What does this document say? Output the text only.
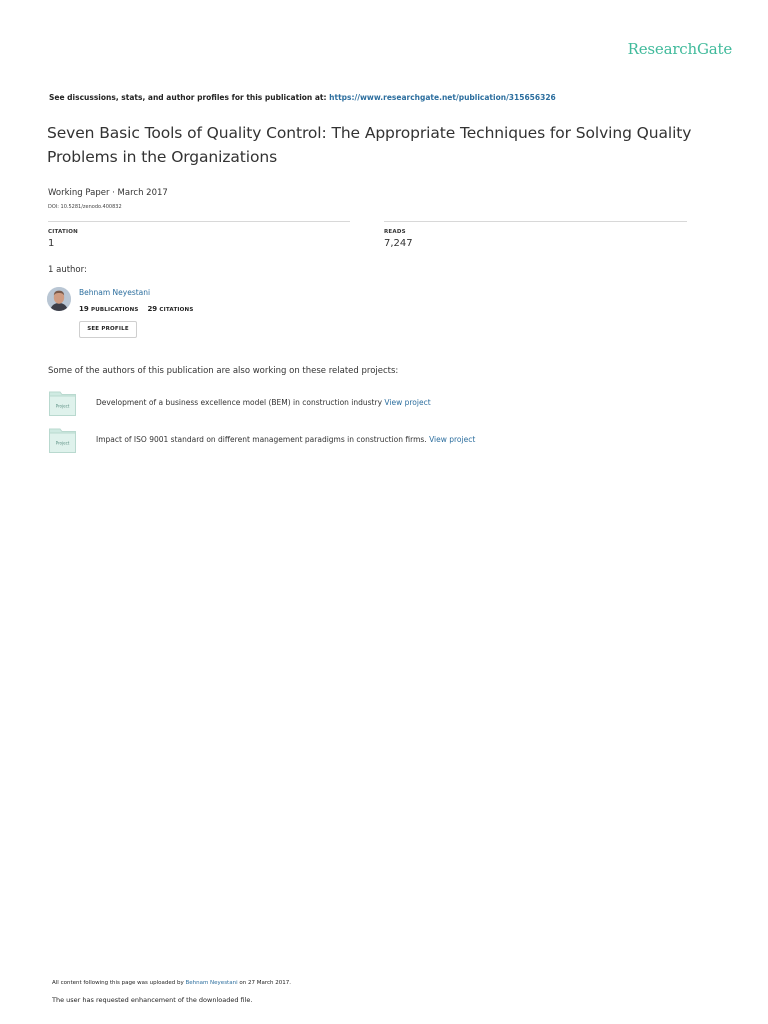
ResearchGate
See discussions, stats, and author profiles for this publication at: https://www.researchgate.net/publication/315656326
Seven Basic Tools of Quality Control: The Appropriate Techniques for Solving Quality Problems in the Organizations
Working Paper · March 2017
DOI: 10.5281/zenodo.400832
CITATION
1
READS
7,247
1 author:
Behnam Neyestani
19 PUBLICATIONS 29 CITATIONS
SEE PROFILE
Some of the authors of this publication are also working on these related projects:
Project	Development of a business excellence model (BEM) in construction industry View project
Project	Impact of ISO 9001 standard on different management paradigms in construction firms. View project
All content following this page was uploaded by Behnam Neyestani on 27 March 2017.
The user has requested enhancement of the downloaded file.
